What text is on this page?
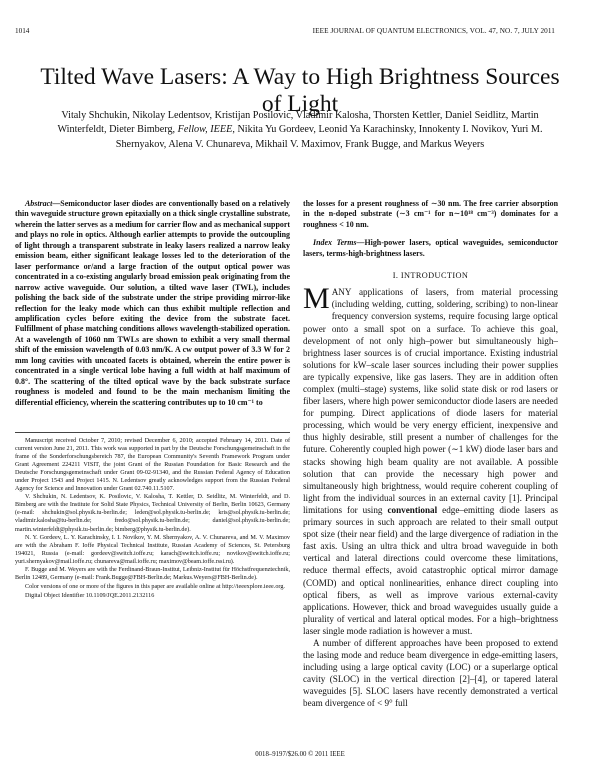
1014	IEEE JOURNAL OF QUANTUM ELECTRONICS, VOL. 47, NO. 7, JULY 2011
Tilted Wave Lasers: A Way to High Brightness Sources of Light
Vitaly Shchukin, Nikolay Ledentsov, Kristijan Posilovic, Vladimir Kalosha, Thorsten Kettler, Daniel Seidlitz, Martin Winterfeldt, Dieter Bimberg, Fellow, IEEE, Nikita Yu Gordeev, Leonid Ya Karachinsky, Innokenty I. Novikov, Yuri M. Shernyakov, Alena V. Chunareva, Mikhail V. Maximov, Frank Bugge, and Markus Weyers

Abstract—Semiconductor laser diodes are conventionally based on a relatively thin waveguide structure grown epitaxially on a thick single crystalline substrate, wherein the latter serves as a medium for carrier flow and as mechanical support and plays no role in optics. Although earlier attempts to provide the outcoupling of light through a transparent substrate in leaky lasers realized a narrow leaky emission beam, either significant leakage losses led to the deterioration of the laser performance or/and a large fraction of the output optical power was concentrated in a co-existing angularly broad emission peak originating from the narrow active waveguide. Our solution, a tilted wave laser (TWL), includes polishing the back side of the substrate under the stripe providing mirror-like reflection for the leaky mode which can thus exhibit multiple reflection and amplification cycles before exiting the device from the substrate facet. Fulfillment of phase matching conditions allows wavelength-stabilized operation. At a wavelength of 1060 nm TWLs are shown to exhibit a very small thermal shift of the emission wavelength of 0.03 nm/K. A cw output power of 3.3 W for 2 mm long cavities with uncoated facets is obtained, wherein the entire power is concentrated in a single vertical lobe having a full width at half maximum of 0.8°. The scattering of the tilted optical wave by the back substrate surface roughness is modeled and found to be the main mechanism limiting the differential efficiency, wherein the scattering contributes up to 10 cm⁻¹ to

Manuscript received October 7, 2010; revised December 6, 2010; accepted February 14, 2011. Date of current version June 21, 2011. This work was supported in part by the Deutsche Forschungsgemeinschaft in the frame of the Sonderforschungsbereich 787, the European Community's Seventh Framework Program under Grant Agreement 224211 VISIT, the joint Grant of the Russian Foundation for Basic Research and the Deutsche Forschungsgemeinschaft under Grant 09-02-91340, and the Russian Federal Agency of Education under Project 1543 and Project 1415. N. Ledentsov greatly acknowledges support from the Russian Federal Agency for Science and Innovation under Grant 02.740.11.5107.

V. Shchukin, N. Ledentsov, K. Posilovic, V. Kalosha, T. Kettler, D. Seidlitz, M. Winterfeldt, and D. Bimberg are with the Institute for Solid State Physics, Technical University of Berlin, Berlin 10623, Germany (e-mail: shchukin@sol.physik.tu-berlin.de; leden@sol.physik.tu-berlin.de; kris@sol.physik.tu-berlin.de; vladimir.kalosha@tu-berlin.de; fredo@sol.physik.tu-berlin.de; daniel@sol.physik.tu-berlin.de; martin.winterfeldt@physik.tu-berlin.de; bimberg@physik.tu-berlin.de).

N. Y. Gordeev, L. Y. Karachinsky, I. I. Novikov, Y. M. Shernyakov, A. V. Chunareva, and M. V. Maximov are with the Abraham F. Ioffe Physical Technical Institute, Russian Academy of Sciences, St. Petersburg 194021, Russia (e-mail: gordeev@switch.ioffe.ru; karach@switch.ioffe.ru; novikov@switch.ioffe.ru; yuri.shernyakov@mail.ioffe.ru; chunareva@mail.ioffe.ru; maximov@beam.ioffe.rssi.ru).

F. Bugge and M. Weyers are with the Ferdinand-Braun-Institut, Leibniz-Institut für Höchstfrequenztechnik, Berlin 12489, Germany (e-mail: Frank.Bugge@FBH-Berlin.de; Markus.Weyers@FBH-Berlin.de).

Color versions of one or more of the figures in this paper are available online at http://ieeexplore.ieee.org.

Digital Object Identifier 10.1109/JQE.2011.2132116

the losses for a present roughness of ∼30 nm. The free carrier absorption in the n-doped substrate (∼3 cm⁻¹ for n∼10¹⁸ cm⁻³) dominates for a roughness < 10 nm.

Index Terms—High-power lasers, optical waveguides, semiconductor lasers, terms-high-brightness lasers.

I. INTRODUCTION

MANY applications of lasers, from material processing (including welding, cutting, soldering, scribing) to non-linear frequency conversion systems, require focusing large optical power onto a small spot on a surface. To achieve this goal, development of not only high–power but simultaneously high–brightness laser sources is of crucial importance. Existing industrial solutions for kW–scale laser sources including their power supplies are typically expensive, like gas lasers. They are in addition often complex (multi–stage) systems, like solid state disk or rod lasers or fiber lasers, where high power semiconductor diode lasers are needed for pumping. Direct applications of diode lasers for material processing, which would be very energy efficient, inexpensive and thus highly desirable, still present a number of challenges for the future. Coherently coupled high power (∼1 kW) diode laser bars and stacks showing high beam quality are not available. A possible solution that can provide the necessary high power and simultaneously high brightness, would require coherent coupling of light from the individual sources in an external cavity [1]. Principal limitations for using conventional edge–emitting diode lasers as primary sources in such approach are related to their small output spot size (their near field) and the large divergence of radiation in the fast axis. Using an ultra thick and ultra broad waveguide in both vertical and lateral directions could overcome these limitations, reduce thermal effects, avoid catastrophic optical mirror damage (COMD) and optical nonlinearities, enhance direct coupling into optical fibers, as well as improve various external-cavity applications. However, thick and broad waveguides usually guide a plurality of vertical and lateral optical modes. For a high–brightness laser single mode radiation is however a must.

A number of different approaches have been proposed to extend the lasing mode and reduce beam divergence in edge-emitting lasers, including using a large optical cavity (LOC) or a superlarge optical cavity (SLOC) in the vertical direction [2]–[4], or tapered lateral waveguides [5]. SLOC lasers have recently demonstrated a vertical beam divergence of < 9° full

0018–9197/$26.00 © 2011 IEEE
